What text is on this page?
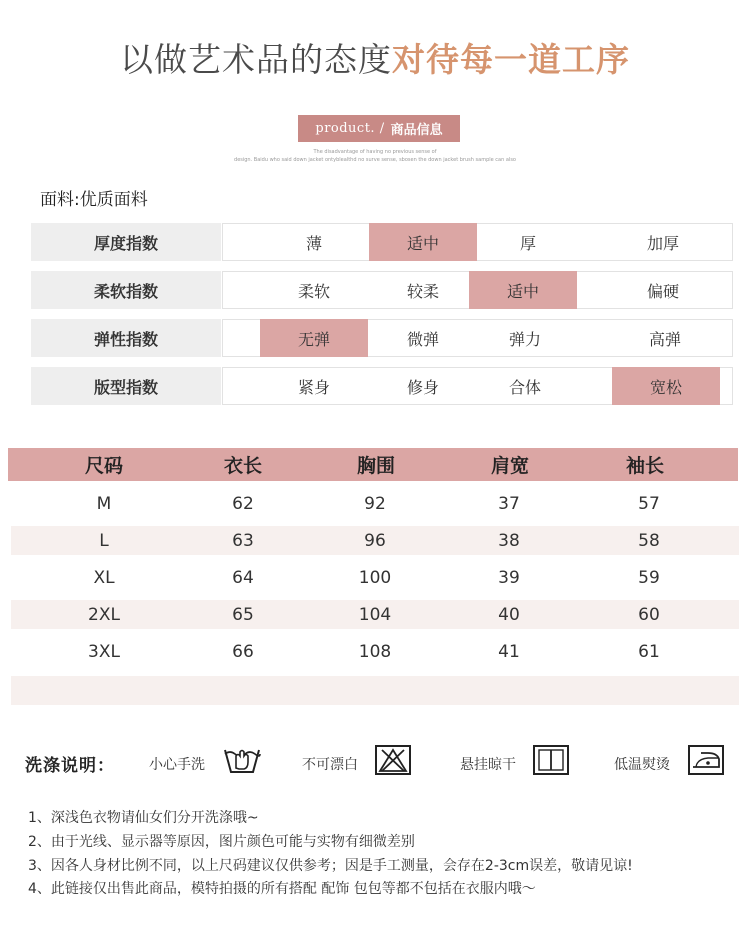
以做艺术品的态度对待每一道工序
product. / 商品信息
The disadvantage of having no previous sense of
design. Baidu who said down jacket ontyblealthd no surve sense, sbosen the down jacket brush sample can also
面料:优质面料
厚度指数	薄	适中	厚	加厚
柔软指数	柔软	较柔	适中	偏硬
弹性指数	无弹	微弹	弹力	高弹
版型指数	紧身	修身	合体	宽松
尺码	衣长	胸围	肩宽	袖长
M	62	92	37	57
L	63	96	38	58
XL	64	100	39	59
2XL	65	104	40	60
3XL	66	108	41	61
洗涤说明： 小心手洗	不可漂白	悬挂晾干	低温熨烫
1、深浅色衣物请仙女们分开洗涤哦~
2、由于光线、显示器等原因，图片颜色可能与实物有细微差别
3、因各人身材比例不同，以上尺码建议仅供参考；因是手工测量，会存在2-3cm误差，敬请见谅!
4、此链接仅出售此商品，模特拍摄的所有搭配 配饰 包包等都不包括在衣服内哦〜
